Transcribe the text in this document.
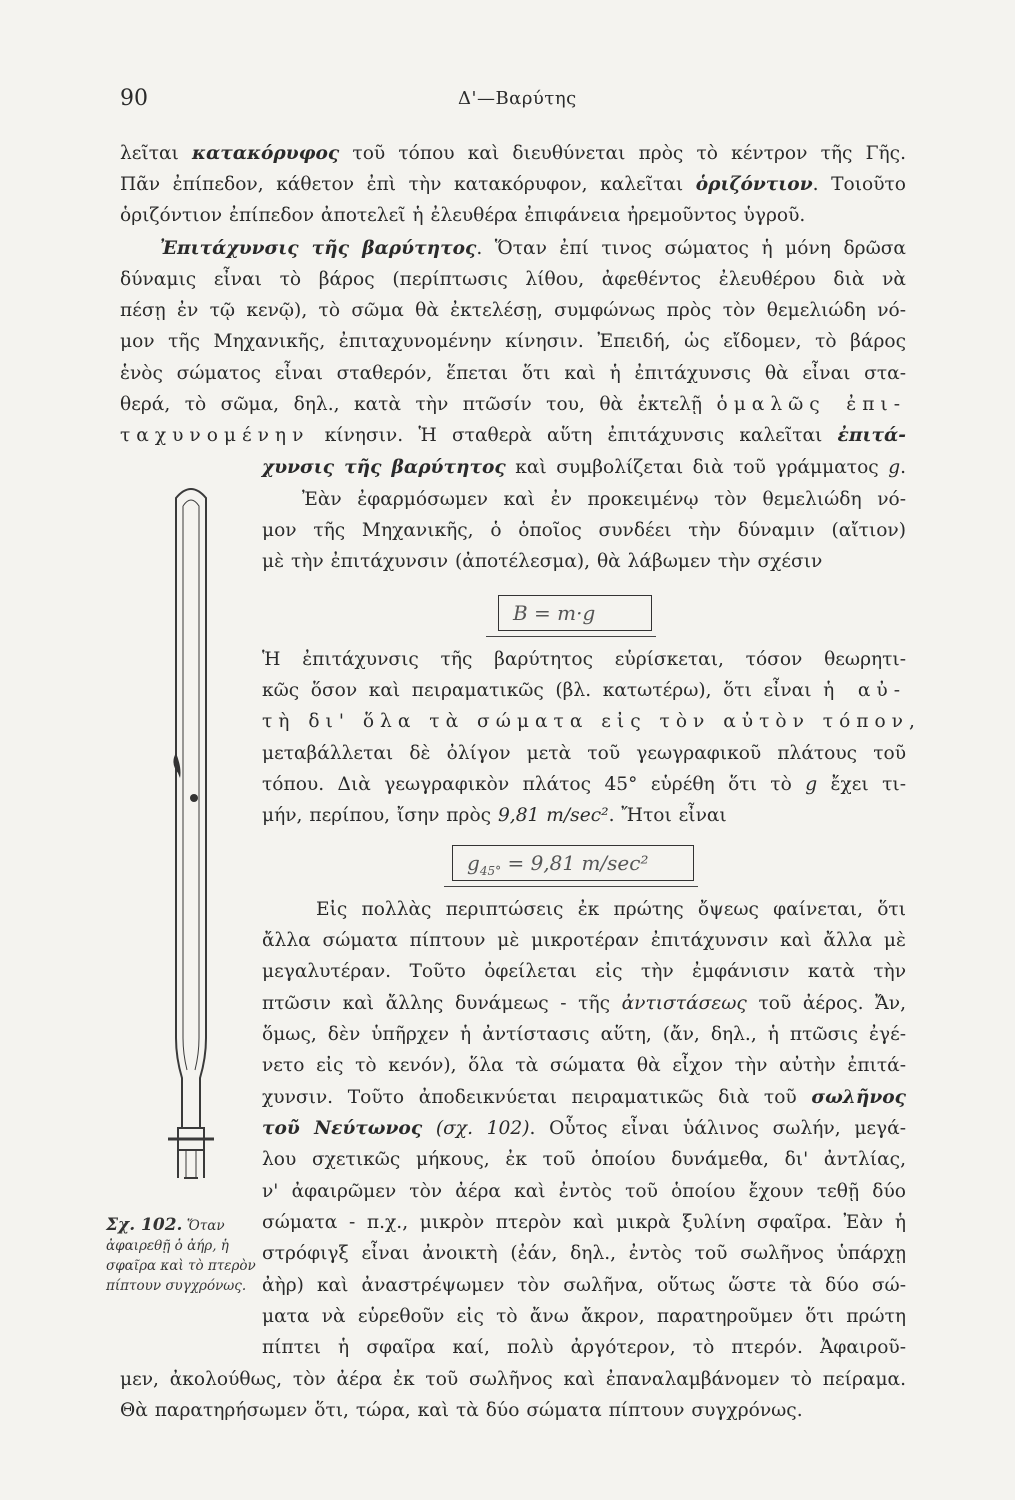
90	Δ'—Βαρύτης
λεῖται κατακόρυφος τοῦ τόπου καὶ διευθύνεται πρὸς τὸ κέντρον τῆς Γῆς.
Πᾶν ἐπίπεδον, κάθετον ἐπὶ τὴν κατακόρυφον, καλεῖται ὁριζόντιον. Τοιοῦτο
ὁριζόντιον ἐπίπεδον ἀποτελεῖ ἡ ἐλευθέρα ἐπιφάνεια ἠρεμοῦντος ὑγροῦ.
Ἐπιτάχυνσις τῆς βαρύτητος. Ὅταν ἐπί τινος σώματος ἡ μόνη δρῶσα
δύναμις εἶναι τὸ βάρος (περίπτωσις λίθου, ἀφεθέντος ἐλευθέρου διὰ νὰ
πέσῃ ἐν τῷ κενῷ), τὸ σῶμα θὰ ἐκτελέσῃ, συμφώνως πρὸς τὸν θεμελιώδη νό-
μον τῆς Μηχανικῆς, ἐπιταχυνομένην κίνησιν. Ἐπειδή, ὡς εἴδομεν, τὸ βάρος
ἑνὸς σώματος εἶναι σταθερόν, ἕπεται ὅτι καὶ ἡ ἐπιτάχυνσις θὰ εἶναι στα-
θερά, τὸ σῶμα, δηλ., κατὰ τὴν πτῶσίν του, θὰ ἐκτελῇ ὁμαλῶς ἐπι-
ταχυνομένην κίνησιν. Ἡ σταθερὰ αὕτη ἐπιτάχυνσις καλεῖται ἐπιτά-
χυνσις τῆς βαρύτητος καὶ συμβολίζεται διὰ τοῦ γράμματος g.
Ἐὰν ἐφαρμόσωμεν καὶ ἐν προκειμένῳ τὸν θεμελιώδη νό-
μον τῆς Μηχανικῆς, ὁ ὁποῖος συνδέει τὴν δύναμιν (αἴτιον)
μὲ τὴν ἐπιτάχυνσιν (ἀποτέλεσμα), θὰ λάβωμεν τὴν σχέσιν
B = m·g
Ἡ ἐπιτάχυνσις τῆς βαρύτητος εὑρίσκεται, τόσον θεωρητι-
κῶς ὅσον καὶ πειραματικῶς (βλ. κατωτέρω), ὅτι εἶναι ἡ αὐ-
τὴ δι' ὅλα τὰ σώματα εἰς τὸν αὐτὸν τόπον,
μεταβάλλεται δὲ ὀλίγον μετὰ τοῦ γεωγραφικοῦ πλάτους τοῦ
τόπου. Διὰ γεωγραφικὸν πλάτος 45° εὑρέθη ὅτι τὸ g ἔχει τι-
μήν, περίπου, ἴσην πρὸς 9,81 m/sec². Ἤτοι εἶναι
$g_{45^\circ} = 9,81$ m/sec²
Εἰς πολλὰς περιπτώσεις ἐκ πρώτης ὄψεως φαίνεται, ὅτι
ἄλλα σώματα πίπτουν μὲ μικροτέραν ἐπιτάχυνσιν καὶ ἄλλα μὲ
μεγαλυτέραν. Τοῦτο ὀφείλεται εἰς τὴν ἐμφάνισιν κατὰ τὴν
πτῶσιν καὶ ἄλλης δυνάμεως - τῆς ἀντιστάσεως τοῦ ἀέρος. Ἄν,
ὅμως, δὲν ὑπῆρχεν ἡ ἀντίστασις αὕτη, (ἄν, δηλ., ἡ πτῶσις ἐγέ-
νετο εἰς τὸ κενόν), ὅλα τὰ σώματα θὰ εἶχον τὴν αὐτὴν ἐπιτά-
χυνσιν. Τοῦτο ἀποδεικνύεται πειραματικῶς διὰ τοῦ σωλῆνος
τοῦ Νεύτωνος (σχ. 102). Οὗτος εἶναι ὑάλινος σωλήν, μεγά-
λου σχετικῶς μήκους, ἐκ τοῦ ὁποίου δυνάμεθα, δι' ἀντλίας,
ν' ἀφαιρῶμεν τὸν ἀέρα καὶ ἐντὸς τοῦ ὁποίου ἔχουν τεθῇ δύο
σώματα - π.χ., μικρὸν πτερὸν καὶ μικρὰ ξυλίνη σφαῖρα. Ἐὰν ἡ
στρόφιγξ εἶναι ἀνοικτὴ (ἐάν, δηλ., ἐντὸς τοῦ σωλῆνος ὑπάρχῃ
ἀὴρ) καὶ ἀναστρέψωμεν τὸν σωλῆνα, οὕτως ὥστε τὰ δύο σώ-
ματα νὰ εὑρεθοῦν εἰς τὸ ἄνω ἄκρον, παρατηροῦμεν ὅτι πρώτη
πίπτει ἡ σφαῖρα καί, πολὺ ἀργότερον, τὸ πτερόν. Ἀφαιροῦ-
μεν, ἀκολούθως, τὸν ἀέρα ἐκ τοῦ σωλῆνος καὶ ἐπαναλαμβάνομεν τὸ πείραμα.
Θὰ παρατηρήσωμεν ὅτι, τώρα, καὶ τὰ δύο σώματα πίπτουν συγχρόνως.
Σχ. 102. Ὅταν ἀφαιρεθῇ ὁ ἀήρ, ἡ σφαῖρα καὶ τὸ πτερὸν πίπτουν συγχρόνως.
